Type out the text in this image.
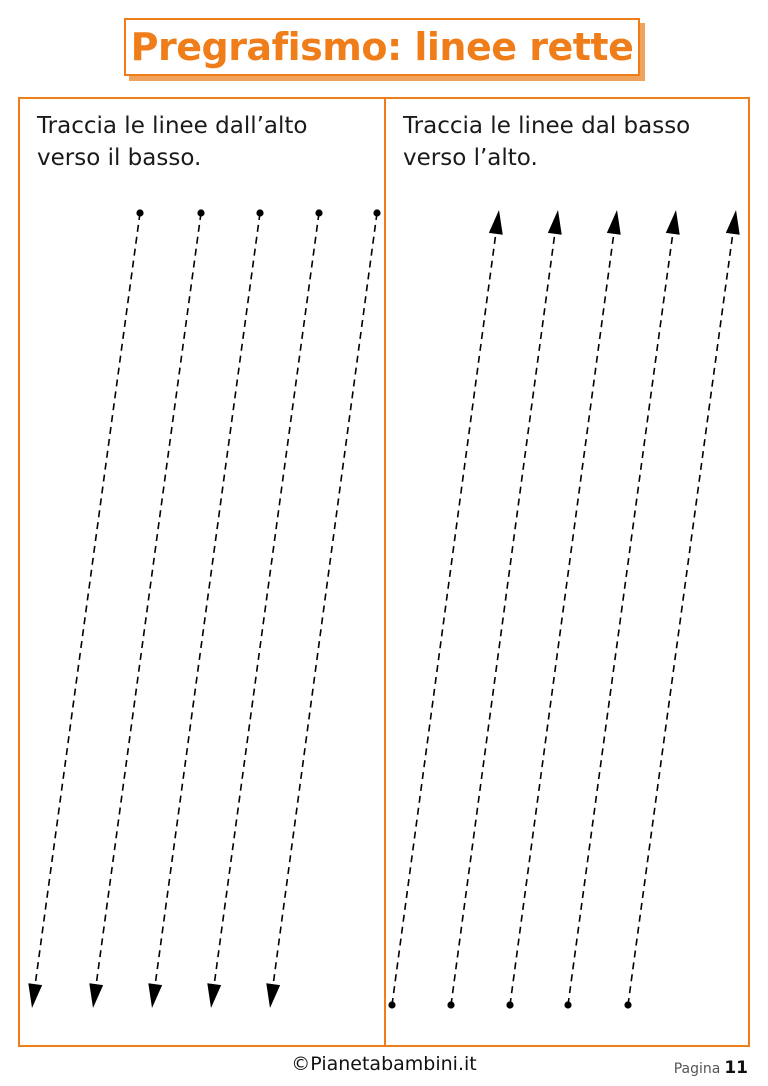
Pregrafismo: linee rette
Traccia le linee dall’alto
verso il basso.
Traccia le linee dal basso
verso l’alto.
©Pianetabambini.it	Pagina 11
